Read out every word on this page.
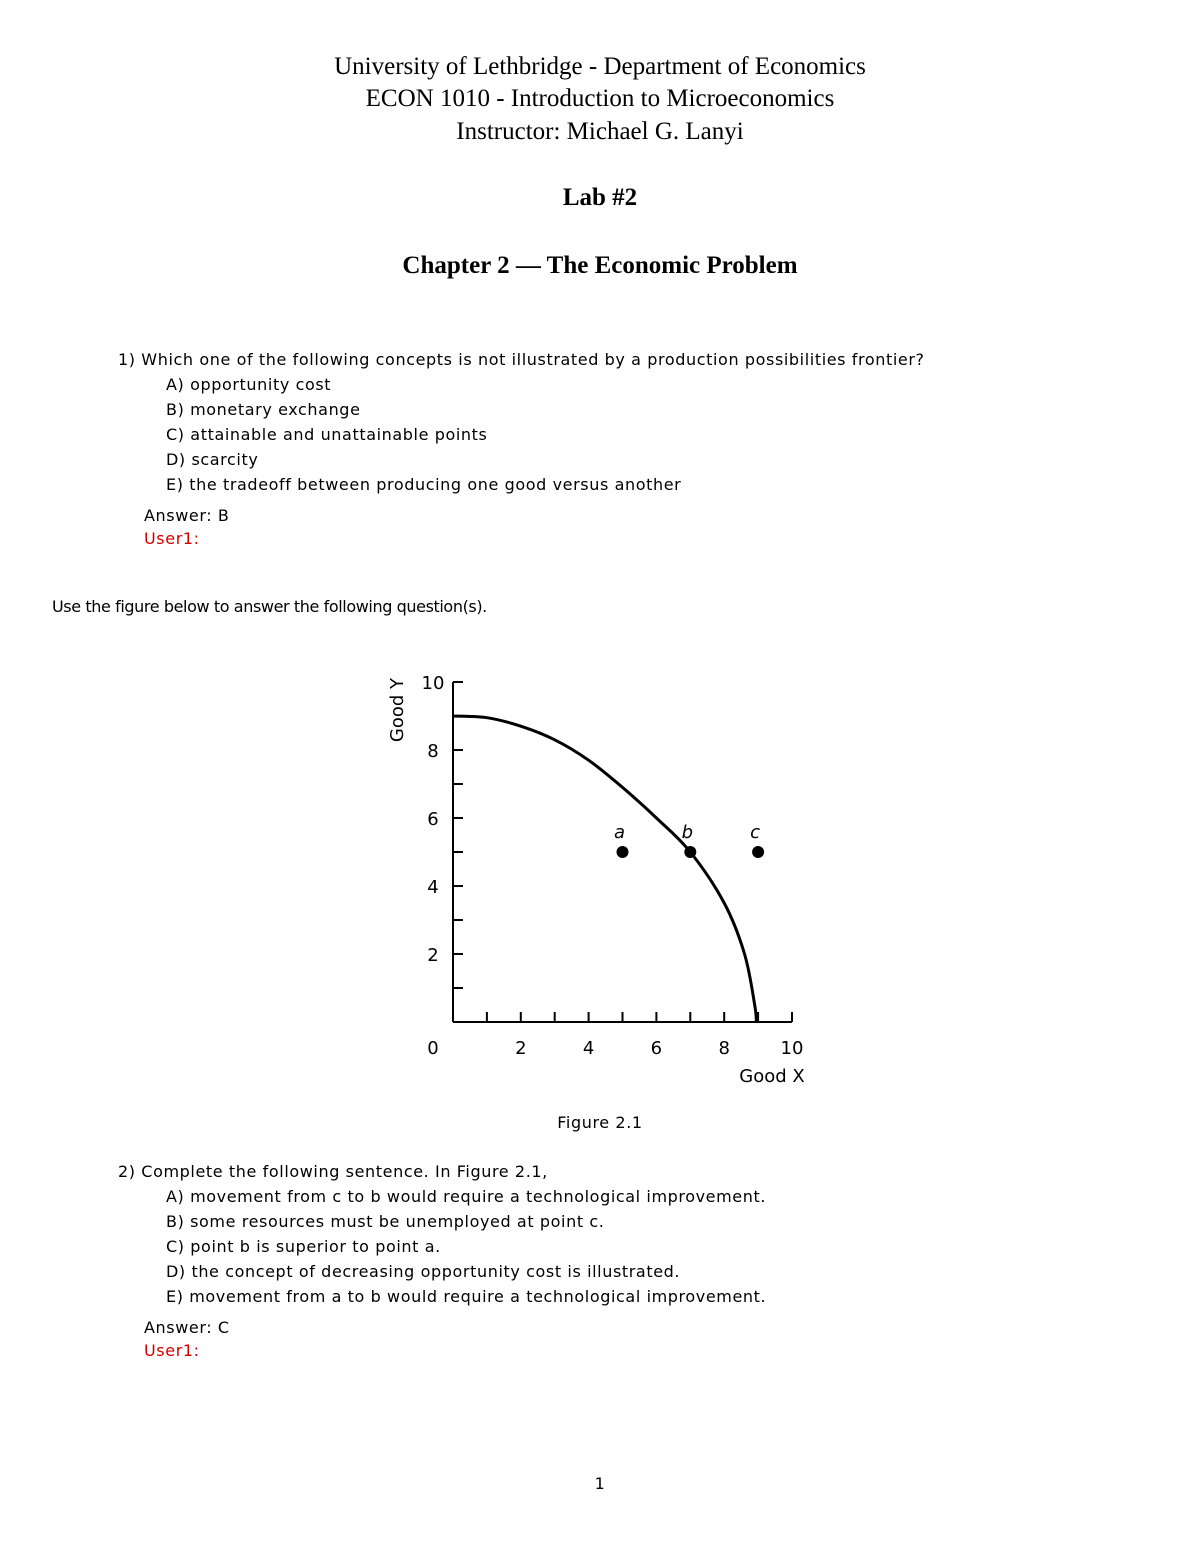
University of Lethbridge - Department of Economics
ECON 1010 - Introduction to Microeconomics
Instructor: Michael G. Lanyi
Lab #2
Chapter 2 — The Economic Problem
1) Which one of the following concepts is not illustrated by a production possibilities frontier?
A) opportunity cost
B) monetary exchange
C) attainable and unattainable points
D) scarcity
E) the tradeoff between producing one good versus another
Answer: B
User1:
Use the figure below to answer the following question(s).
0	2	4	6	8	10
2
4
6
8
10
a	b	c
Good X
Good Y
Figure 2.1
2) Complete the following sentence. In Figure 2.1,
A) movement from c to b would require a technological improvement.
B) some resources must be unemployed at point c.
C) point b is superior to point a.
D) the concept of decreasing opportunity cost is illustrated.
E) movement from a to b would require a technological improvement.
Answer: C
User1:
1
